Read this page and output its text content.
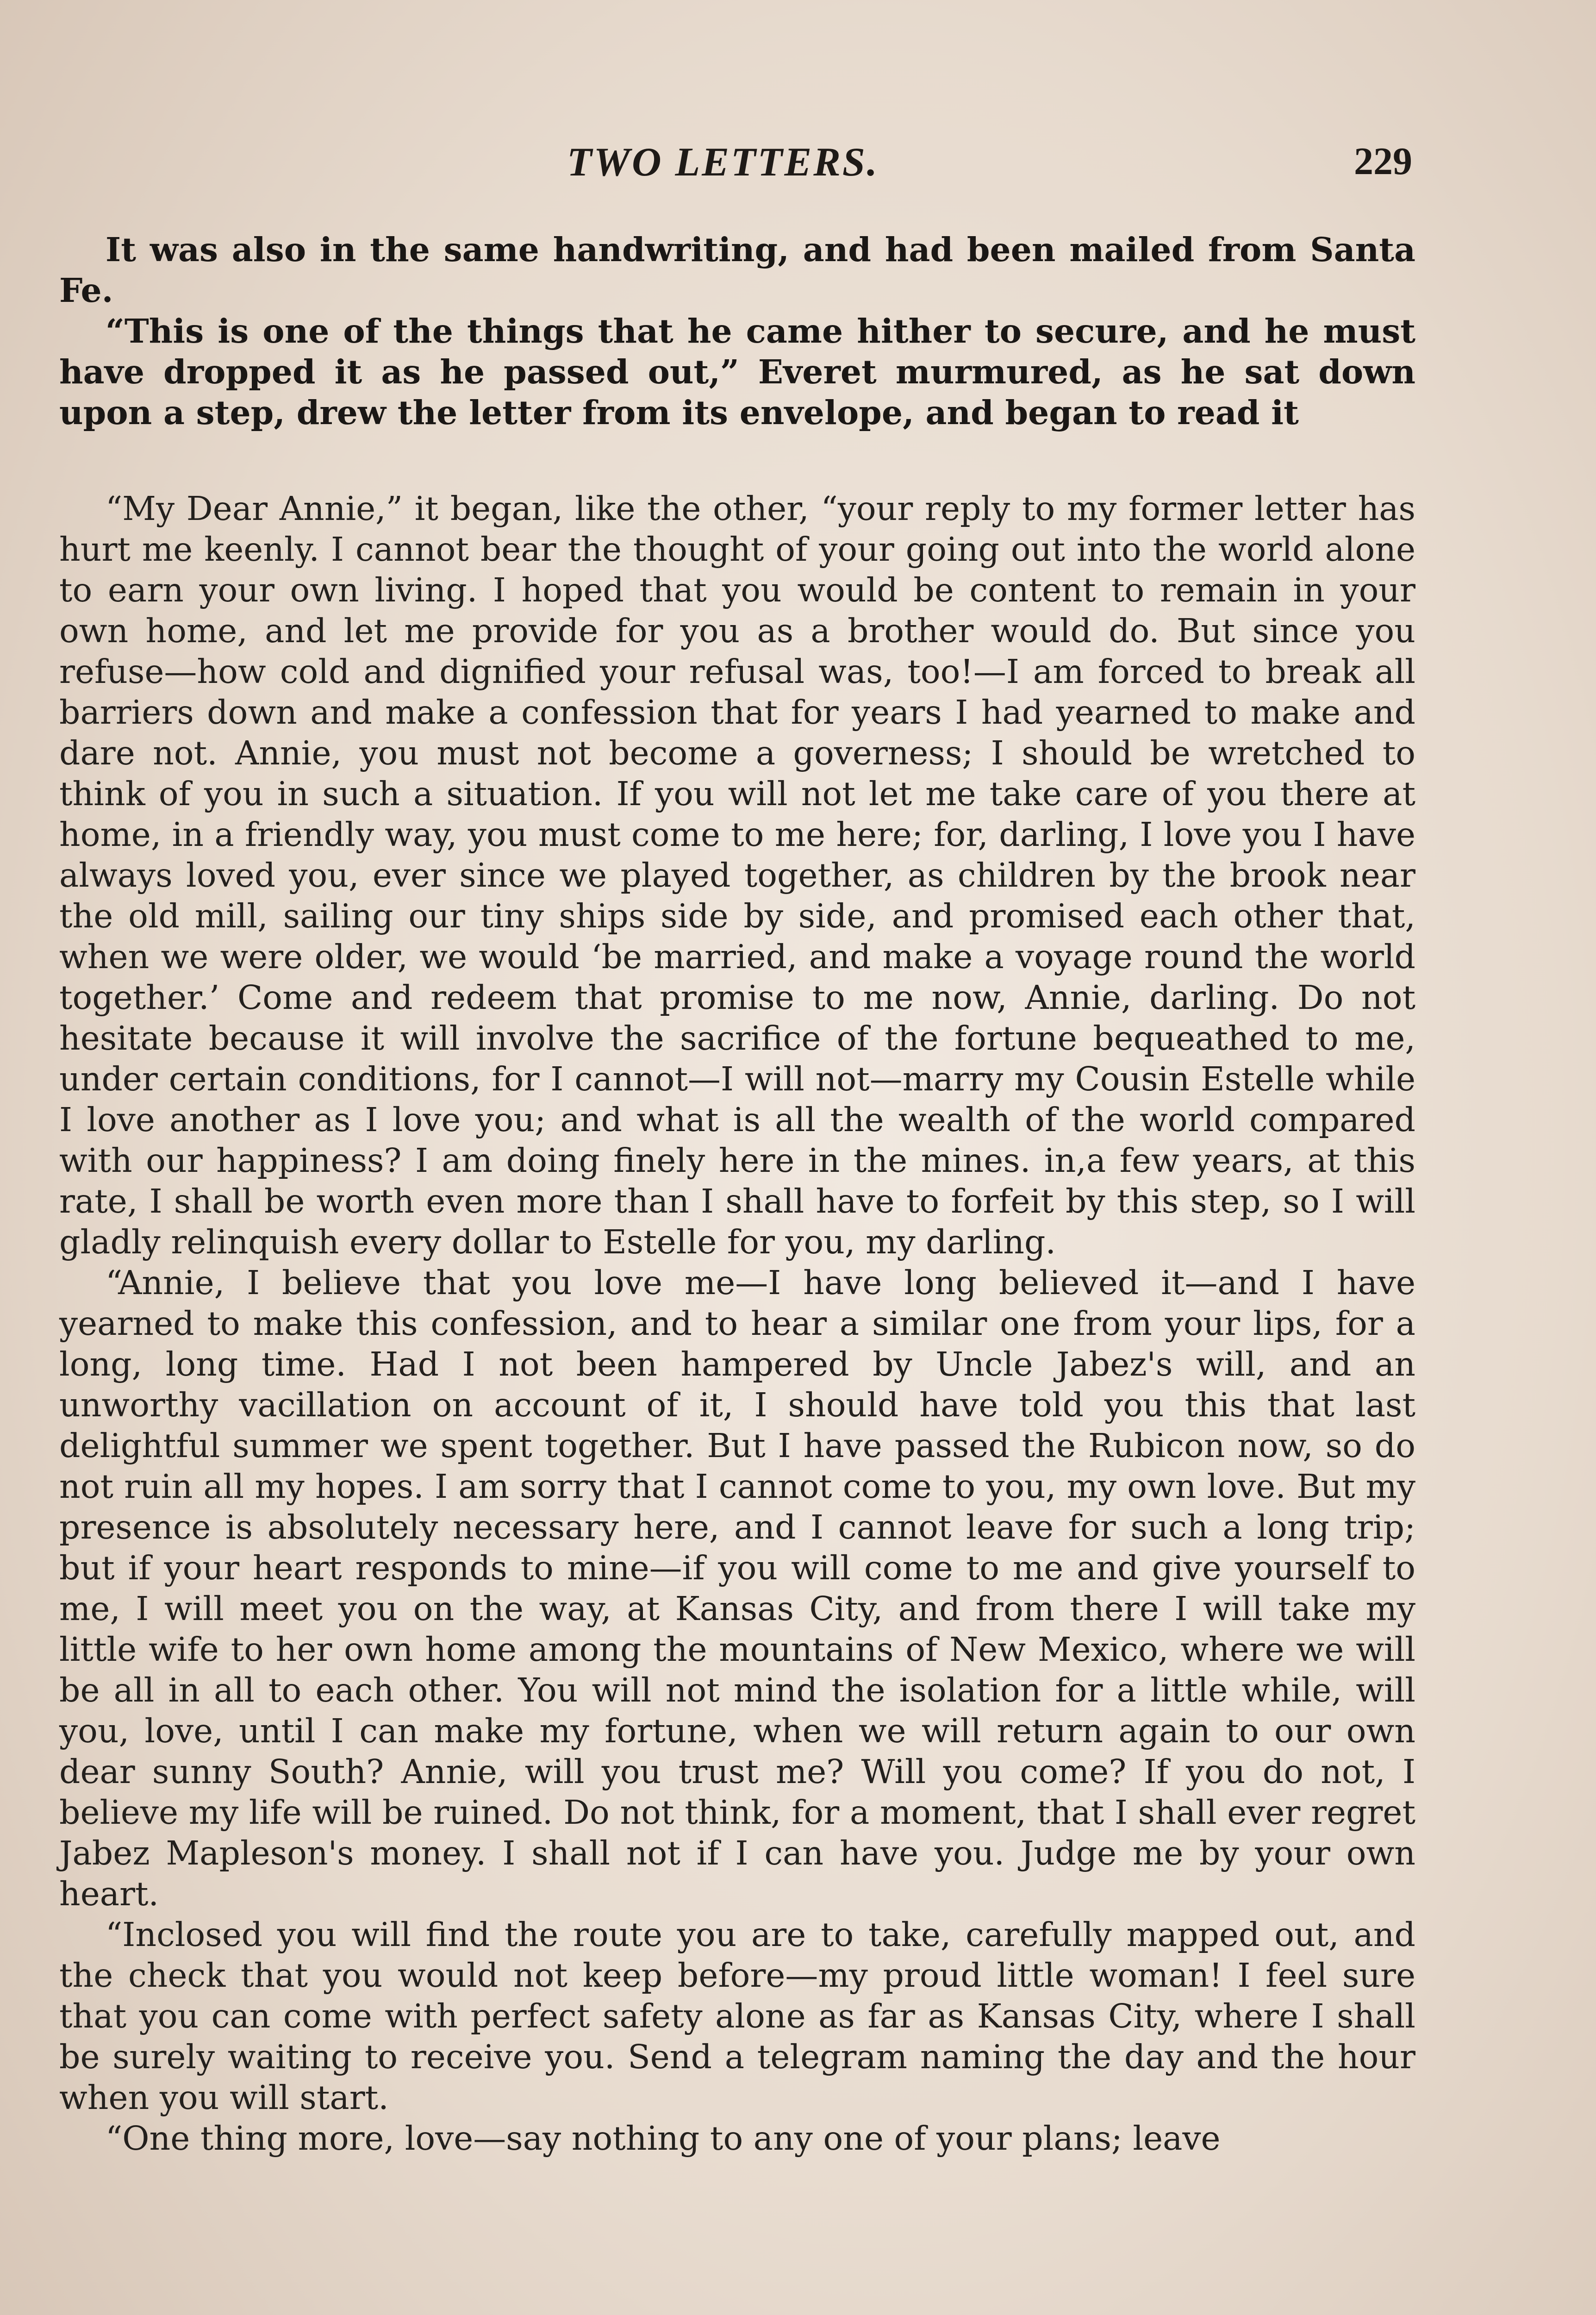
TWO LETTERS.	229

It was also in the same handwriting, and had been mailed from Santa Fe.

“This is one of the things that he came hither to secure, and he must have dropped it as he passed out,” Everet murmured, as he sat down upon a step, drew the letter from its envelope, and began to read it

“My Dear Annie,” it began, like the other, “your reply to my former letter has hurt me keenly. I cannot bear the thought of your going out into the world alone to earn your own living. I hoped that you would be content to remain in your own home, and let me provide for you as a brother would do. But since you refuse—how cold and dignified your refusal was, too!—I am forced to break all barriers down and make a confession that for years I had yearned to make and dare not. Annie, you must not become a governess; I should be wretched to think of you in such a situation. If you will not let me take care of you there at home, in a friendly way, you must come to me here; for, darling, I love you I have always loved you, ever since we played together, as children by the brook near the old mill, sailing our tiny ships side by side, and promised each other that, when we were older, we would ‘be married, and make a voyage round the world together.’ Come and redeem that promise to me now, Annie, darling. Do not hesitate because it will involve the sacrifice of the fortune bequeathed to me, under certain conditions, for I cannot—I will not—marry my Cousin Estelle while I love another as I love you; and what is all the wealth of the world compared with our happiness? I am doing finely here in the mines. in,a few years, at this rate, I shall be worth even more than I shall have to forfeit by this step, so I will gladly relinquish every dollar to Estelle for you, my darling.

“Annie, I believe that you love me—I have long believed it—and I have yearned to make this confession, and to hear a similar one from your lips, for a long, long time. Had I not been hampered by Uncle Jabez's will, and an unworthy vacillation on account of it, I should have told you this that last delightful summer we spent together. But I have passed the Rubicon now, so do not ruin all my hopes. I am sorry that I cannot come to you, my own love. But my presence is absolutely necessary here, and I cannot leave for such a long trip; but if your heart responds to mine—if you will come to me and give yourself to me, I will meet you on the way, at Kansas City, and from there I will take my little wife to her own home among the mountains of New Mexico, where we will be all in all to each other. You will not mind the isolation for a little while, will you, love, until I can make my fortune, when we will return again to our own dear sunny South? Annie, will you trust me? Will you come? If you do not, I believe my life will be ruined. Do not think, for a moment, that I shall ever regret Jabez Mapleson's money. I shall not if I can have you. Judge me by your own heart.

“Inclosed you will find the route you are to take, carefully mapped out, and the check that you would not keep before—my proud little woman! I feel sure that you can come with perfect safety alone as far as Kansas City, where I shall be surely waiting to receive you. Send a telegram naming the day and the hour when you will start.

“One thing more, love—say nothing to any one of your plans; leave
